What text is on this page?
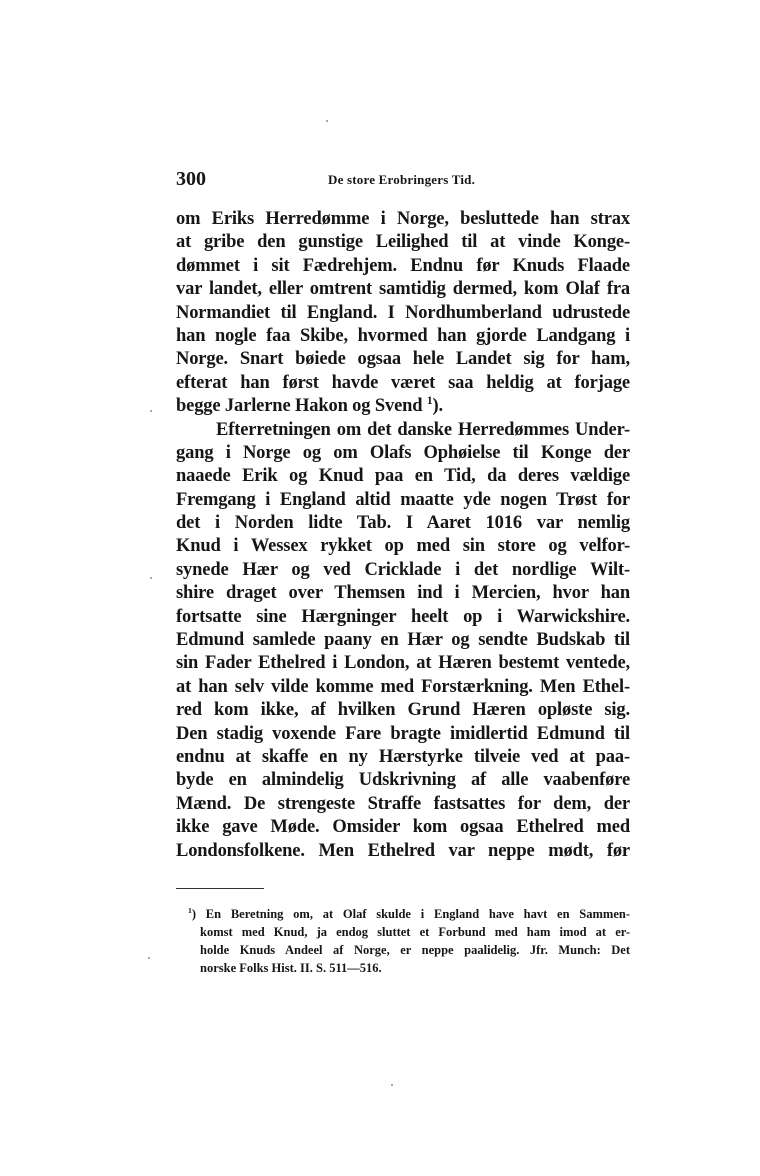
300	De store Erobringers Tid.
om Eriks Herredømme i Norge, besluttede han strax
at gribe den gunstige Leilighed til at vinde Konge-
dømmet i sit Fædrehjem. Endnu før Knuds Flaade
var landet, eller omtrent samtidig dermed, kom Olaf fra
Normandiet til England. I Nordhumberland udrustede
han nogle faa Skibe, hvormed han gjorde Landgang i
Norge. Snart bøiede ogsaa hele Landet sig for ham,
efterat han først havde været saa heldig at forjage
begge Jarlerne Hakon og Svend $^1$).
Efterretningen om det danske Herredømmes Under-
gang i Norge og om Olafs Ophøielse til Konge der
naaede Erik og Knud paa en Tid, da deres vældige
Fremgang i England altid maatte yde nogen Trøst for
det i Norden lidte Tab. I Aaret 1016 var nemlig
Knud i Wessex rykket op med sin store og velfor-
synede Hær og ved Cricklade i det nordlige Wilt-
shire draget over Themsen ind i Mercien, hvor han
fortsatte sine Hærgninger heelt op i Warwickshire.
Edmund samlede paany en Hær og sendte Budskab til
sin Fader Ethelred i London, at Hæren bestemt ventede,
at han selv vilde komme med Forstærkning. Men Ethel-
red kom ikke, af hvilken Grund Hæren opløste sig.
Den stadig voxende Fare bragte imidlertid Edmund til
endnu at skaffe en ny Hærstyrke tilveie ved at paa-
byde en almindelig Udskrivning af alle vaabenføre
Mænd. De strengeste Straffe fastsattes for dem, der
ikke gave Møde. Omsider kom ogsaa Ethelred med
Londonsfolkene. Men Ethelred var neppe mødt, før
$^1$) En Beretning om, at Olaf skulde i England have havt en Sammen-
komst med Knud, ja endog sluttet et Forbund med ham imod at er-
holde Knuds Andeel af Norge, er neppe paalidelig. Jfr. Munch: Det
norske Folks Hist. II. S. 511—516.
